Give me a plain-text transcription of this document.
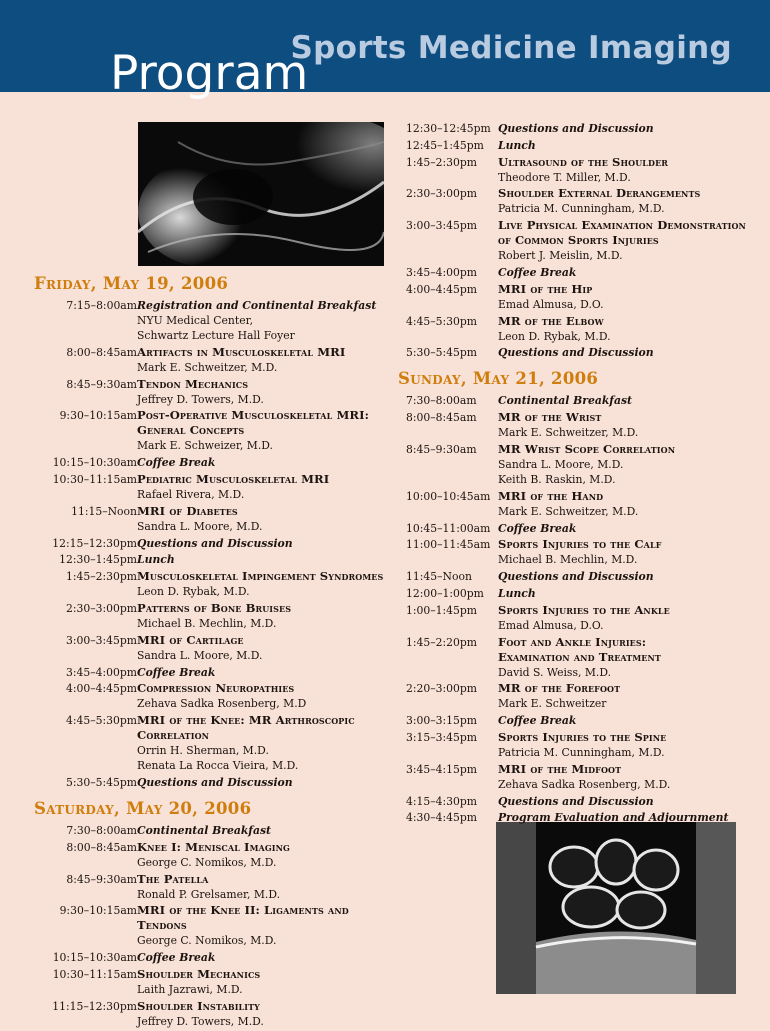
Sports Medicine Imaging
Program
Friday, May 19, 2006
7:15–8:00am Registration and Continental Breakfast
NYU Medical Center,
Schwartz Lecture Hall Foyer
8:00–8:45am Artifacts in Musculoskeletal MRI
Mark E. Schweitzer, M.D.
8:45–9:30am Tendon Mechanics
Jeffrey D. Towers, M.D.
9:30–10:15am Post-Operative Musculoskeletal MRI:
General Concepts
Mark E. Schweizer, M.D.
10:15–10:30am Coffee Break
10:30–11:15am Pediatric Musculoskeletal MRI
Rafael Rivera, M.D.
11:15–Noon MRI of Diabetes
Sandra L. Moore, M.D.
12:15–12:30pm Questions and Discussion
12:30–1:45pm Lunch
1:45–2:30pm Musculoskeletal Impingement Syndromes
Leon D. Rybak, M.D.
2:30–3:00pm Patterns of Bone Bruises
Michael B. Mechlin, M.D.
3:00–3:45pm MRI of Cartilage
Sandra L. Moore, M.D.
3:45–4:00pm Coffee Break
4:00–4:45pm Compression Neuropathies
Zehava Sadka Rosenberg, M.D
4:45–5:30pm MRI of the Knee: MR Arthroscopic
Correlation
Orrin H. Sherman, M.D.
Renata La Rocca Vieira, M.D.
5:30–5:45pm Questions and Discussion
Saturday, May 20, 2006
7:30–8:00am Continental Breakfast
8:00–8:45am Knee I: Meniscal Imaging
George C. Nomikos, M.D.
8:45–9:30am The Patella
Ronald P. Grelsamer, M.D.
9:30–10:15am MRI of the Knee II: Ligaments and Tendons
George C. Nomikos, M.D.
10:15–10:30am Coffee Break
10:30–11:15am Shoulder Mechanics
Laith Jazrawi, M.D.
11:15–12:30pm Shoulder Instability
Jeffrey D. Towers, M.D.
12:30–12:45pm Questions and Discussion
12:45–1:45pm	Lunch
1:45–2:30pm	Ultrasound of the Shoulder
Theodore T. Miller, M.D.
2:30–3:00pm	Shoulder External Derangements
Patricia M. Cunningham, M.D.
3:00–3:45pm	Live Physical Examination Demonstration
of Common Sports Injuries
Robert J. Meislin, M.D.
3:45–4:00pm	Coffee Break
4:00–4:45pm	MRI of the Hip
Emad Almusa, D.O.
4:45–5:30pm	MR of the Elbow
Leon D. Rybak, M.D.
5:30–5:45pm	Questions and Discussion
Sunday, May 21, 2006
7:30–8:00am	Continental Breakfast
8:00–8:45am	MR of the Wrist
Mark E. Schweitzer, M.D.
8:45–9:30am	MR Wrist Scope Correlation
Sandra L. Moore, M.D.
Keith B. Raskin, M.D.
10:00–10:45am MRI of the Hand
Mark E. Schweitzer, M.D.
10:45–11:00am Coffee Break
11:00–11:45am Sports Injuries to the Calf
Michael B. Mechlin, M.D.
11:45–Noon	Questions and Discussion
12:00–1:00pm	Lunch
1:00–1:45pm	Sports Injuries to the Ankle
Emad Almusa, D.O.
1:45–2:20pm	Foot and Ankle Injuries:
Examination and Treatment
David S. Weiss, M.D.
2:20–3:00pm	MR of the Forefoot
Mark E. Schweitzer
3:00–3:15pm	Coffee Break
3:15–3:45pm	Sports Injuries to the Spine
Patricia M. Cunningham, M.D.
3:45–4:15pm	MRI of the Midfoot
Zehava Sadka Rosenberg, M.D.
4:15–4:30pm	Questions and Discussion
4:30–4:45pm	Program Evaluation and Adjournment
